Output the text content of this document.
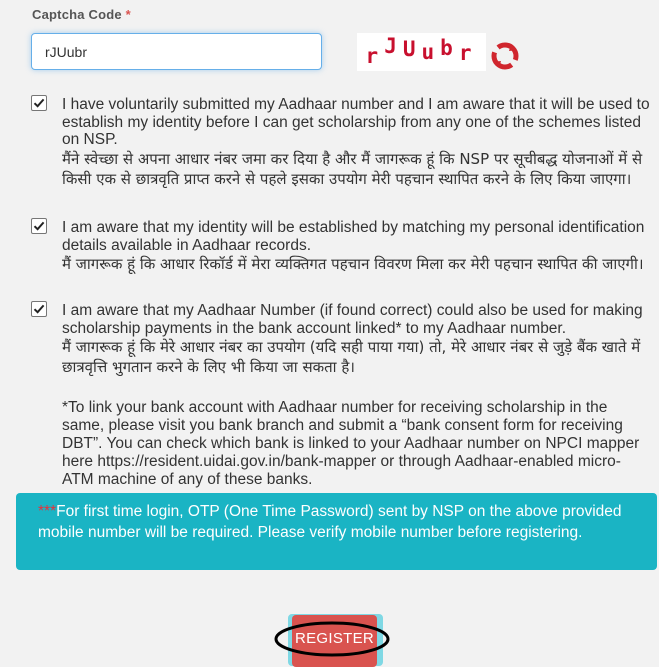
Captcha Code *
rJUubr
r J U u b r

I have voluntarily submitted my Aadhaar number and I am aware that it will be used to establish my identity before I can get scholarship from any one of the schemes listed on NSP.

मैंने स्वेच्छा से अपना आधार नंबर जमा कर दिया है और मैं जागरूक हूं कि NSP पर सूचीबद्ध योजनाओं में से किसी एक से छात्रवृति प्राप्त करने से पहले इसका उपयोग मेरी पहचान स्थापित करने के लिए किया जाएगा।

I am aware that my identity will be established by matching my personal identification details available in Aadhaar records.

मैं जागरूक हूं कि आधार रिकॉर्ड में मेरा व्यक्तिगत पहचान विवरण मिला कर मेरी पहचान स्थापित की जाएगी।

I am aware that my Aadhaar Number (if found correct) could also be used for making scholarship payments in the bank account linked* to my Aadhaar number.

मैं जागरूक हूं कि मेरे आधार नंबर का उपयोग (यदि सही पाया गया) तो, मेरे आधार नंबर से जुड़े बैंक खाते में छात्रवृत्ति भुगतान करने के लिए भी किया जा सकता है।

*To link your bank account with Aadhaar number for receiving scholarship in the same, please visit you bank branch and submit a “bank consent form for receiving DBT”. You can check which bank is linked to your Aadhaar number on NPCI mapper here https://resident.uidai.gov.in/bank-mapper or through Aadhaar-enabled micro-ATM machine of any of these banks.
***For first time login, OTP (One Time Password) sent by NSP on the above provided mobile number will be required. Please verify mobile number before registering.
REGISTER
